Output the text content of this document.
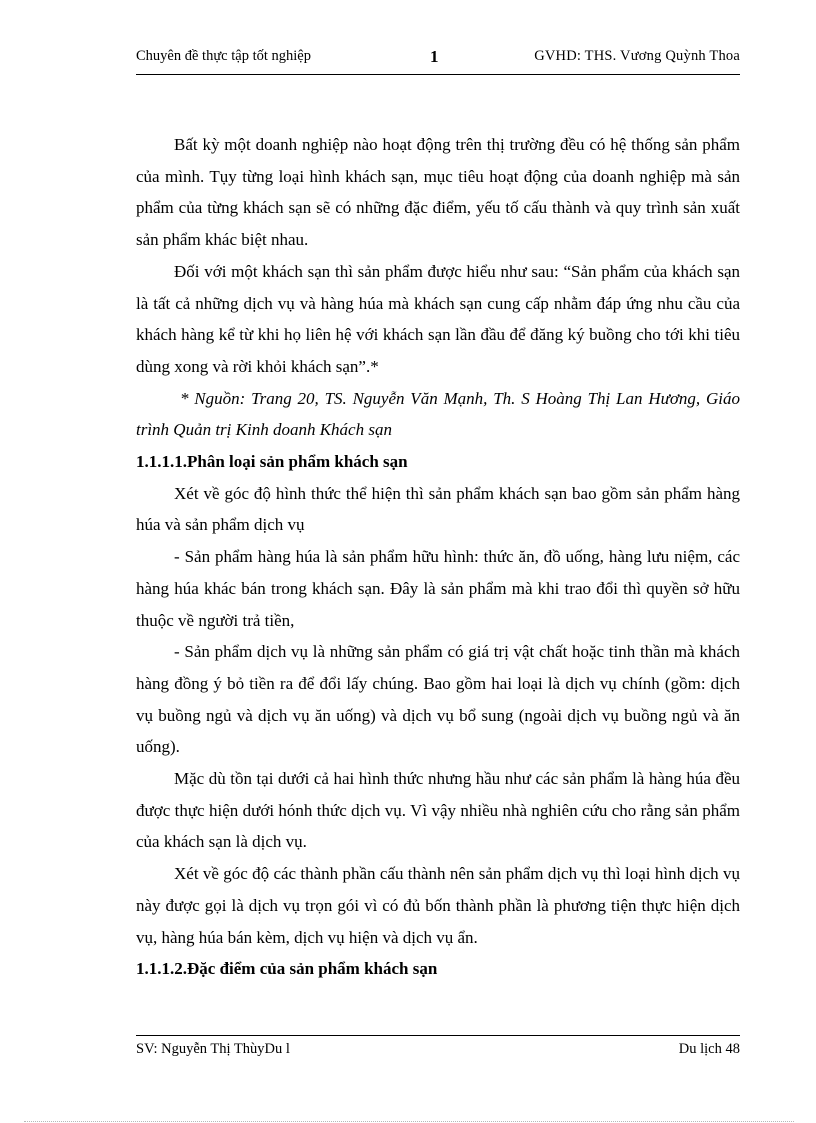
Chuyên đề thực tập tốt nghiệp	1	GVHD: THS. Vương Quỳnh Thoa

Bất kỳ một doanh nghiệp nào hoạt động trên thị trường đều có hệ thống sản phẩm của mình. Tụy từng loại hình khách sạn, mục tiêu hoạt động của doanh nghiệp mà sản phẩm của từng khách sạn sẽ có những đặc điểm, yếu tố cấu thành và quy trình sản xuất sản phẩm khác biệt nhau.

Đối với một khách sạn thì sản phẩm được hiểu như sau: “Sản phẩm của khách sạn là tất cả những dịch vụ và hàng húa mà khách sạn cung cấp nhằm đáp ứng nhu cầu của khách hàng kể từ khi họ liên hệ với khách sạn lần đầu để đăng ký buồng cho tới khi tiêu dùng xong và rời khỏi khách sạn”.*

* Nguồn: Trang 20, TS. Nguyễn Văn Mạnh, Th. S Hoàng Thị Lan Hương, Giáo trình Quản trị Kinh doanh Khách sạn

1.1.1.1.Phân loại sản phẩm khách sạn

Xét về góc độ hình thức thể hiện thì sản phẩm khách sạn bao gồm sản phẩm hàng húa và sản phẩm dịch vụ

- Sản phẩm hàng húa là sản phẩm hữu hình: thức ăn, đồ uống, hàng lưu niệm, các hàng húa khác bán trong khách sạn. Đây là sản phẩm mà khi trao đổi thì quyền sở hữu thuộc về người trả tiền,

- Sản phẩm dịch vụ là những sản phẩm có giá trị vật chất hoặc tinh thần mà khách hàng đồng ý bỏ tiền ra để đổi lấy chúng. Bao gồm hai loại là dịch vụ chính (gồm: dịch vụ buồng ngủ và dịch vụ ăn uống) và dịch vụ bổ sung (ngoài dịch vụ buồng ngủ và ăn uống).

Mặc dù tồn tại dưới cả hai hình thức nhưng hầu như các sản phẩm là hàng húa đều được thực hiện dưới hónh thức dịch vụ. Vì vậy nhiều nhà nghiên cứu cho rằng sản phẩm của khách sạn là dịch vụ.

Xét về góc độ các thành phần cấu thành nên sản phẩm dịch vụ thì loại hình dịch vụ này được gọi là dịch vụ trọn gói vì có đủ bốn thành phần là phương tiện thực hiện dịch vụ, hàng húa bán kèm, dịch vụ hiện và dịch vụ ẩn.

1.1.1.2.Đặc điểm của sản phẩm khách sạn

SV: Nguyễn Thị ThùyDu l	Du lịch 48
